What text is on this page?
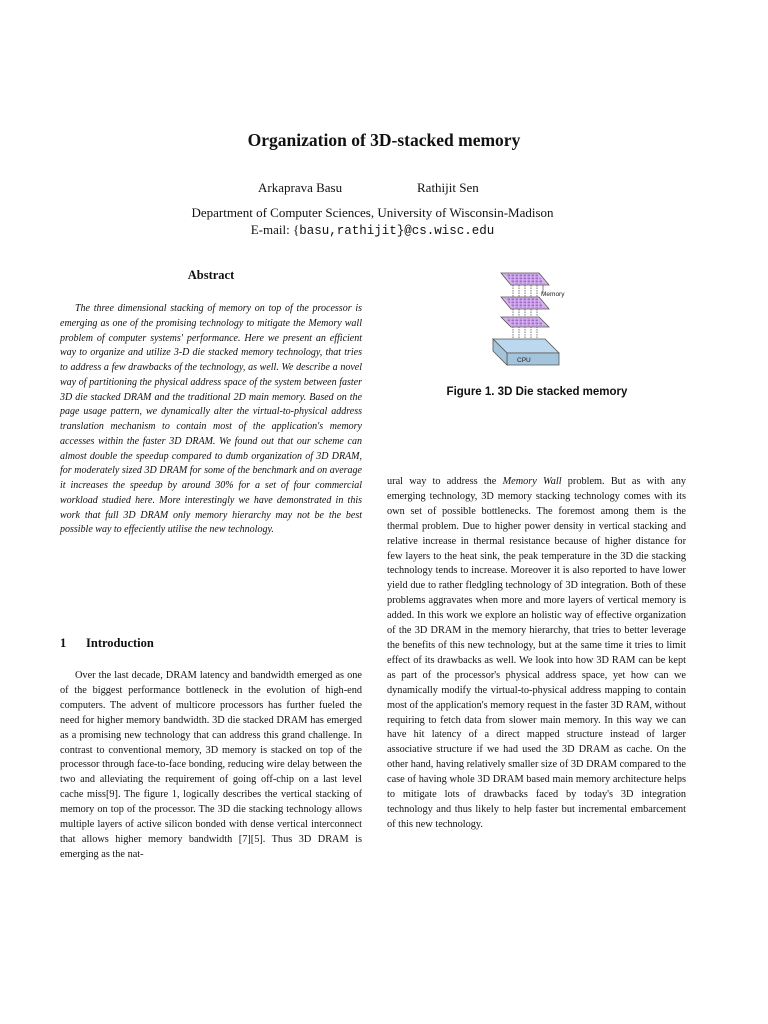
Organization of 3D-stacked memory
Arkaprava Basu	Rathijit Sen
Department of Computer Sciences, University of Wisconsin-Madison
E-mail: {basu,rathijit}@cs.wisc.edu
Abstract

The three dimensional stacking of memory on top of the processor is emerging as one of the promising technology to mitigate the Memory wall problem of computer systems' performance. Here we present an efficient way to organize and utilize 3-D die stacked memory technology, that tries to address a few drawbacks of the technology, as well. We describe a novel way of partitioning the physical address space of the system between faster 3D die stacked DRAM and the traditional 2D main memory. Based on the page usage pattern, we dynamically alter the virtual-to-physical address translation mechanism to contain most of the application's memory accesses within the faster 3D DRAM. We found out that our scheme can almost double the speedup compared to dumb organization of 3D DRAM, for moderately sized 3D DRAM for some of the benchmark and on average it increases the speedup by around 30% for a set of four commercial workload studied here. More interestingly we have demonstrated in this work that full 3D DRAM only memory hierarchy may not be the best possible way to effeciently utilise the new technology.

1 Introduction

Over the last decade, DRAM latency and bandwidth emerged as one of the biggest performance bottleneck in the evolution of high-end computers. The advent of multicore processors has further fueled the need for higher memory bandwidth. 3D die stacked DRAM has emerged as a promising new technology that can address this grand challenge. In contrast to conventional memory, 3D memory is stacked on top of the processor through face-to-face bonding, reducing wire delay between the two and alleviating the requirement of going off-chip on a last level cache miss[9]. The figure 1, logically describes the vertical stacking of memory on top of the processor. The 3D die stacking technology allows multiple layers of active silicon bonded with dense vertical interconnect that allows higher memory bandwidth [7][5]. Thus 3D DRAM is emerging as the nat-

ural way to address the Memory Wall problem. But as with any emerging technology, 3D memory stacking technology comes with its own set of possible bottlenecks. The foremost among them is the thermal problem. Due to higher power density in vertical stacking and relative increase in thermal resistance because of higher distance for few layers to the heat sink, the peak temperature in the 3D die stacking technology tends to increase. Moreover it is also reported to have lower yield due to rather fledgling technology of 3D integration. Both of these problems aggravates when more and more layers of vertical memory is added. In this work we explore an holistic way of effective organization of the 3D DRAM in the memory hierarchy, that tries to better leverage the benefits of this new technology, but at the same time it tries to limit effect of its drawbacks as well. We look into how 3D RAM can be kept as part of the processor's physical address space, yet how can we dynamically modify the virtual-to-physical address mapping to contain most of the application's memory request in the faster 3D RAM, without requiring to fetch data from slower main memory. In this way we can have hit latency of a direct mapped structure instead of larger associative structure if we had used the 3D DRAM as cache. On the other hand, having relatively smaller size of 3D DRAM compared to the case of having whole 3D DRAM based main memory architecture helps to mitigate lots of drawbacks faced by today's 3D integration technology and thus likely to help faster but incremental embarcement of this new technology.

Memory
CPU

Figure 1. 3D Die stacked memory
